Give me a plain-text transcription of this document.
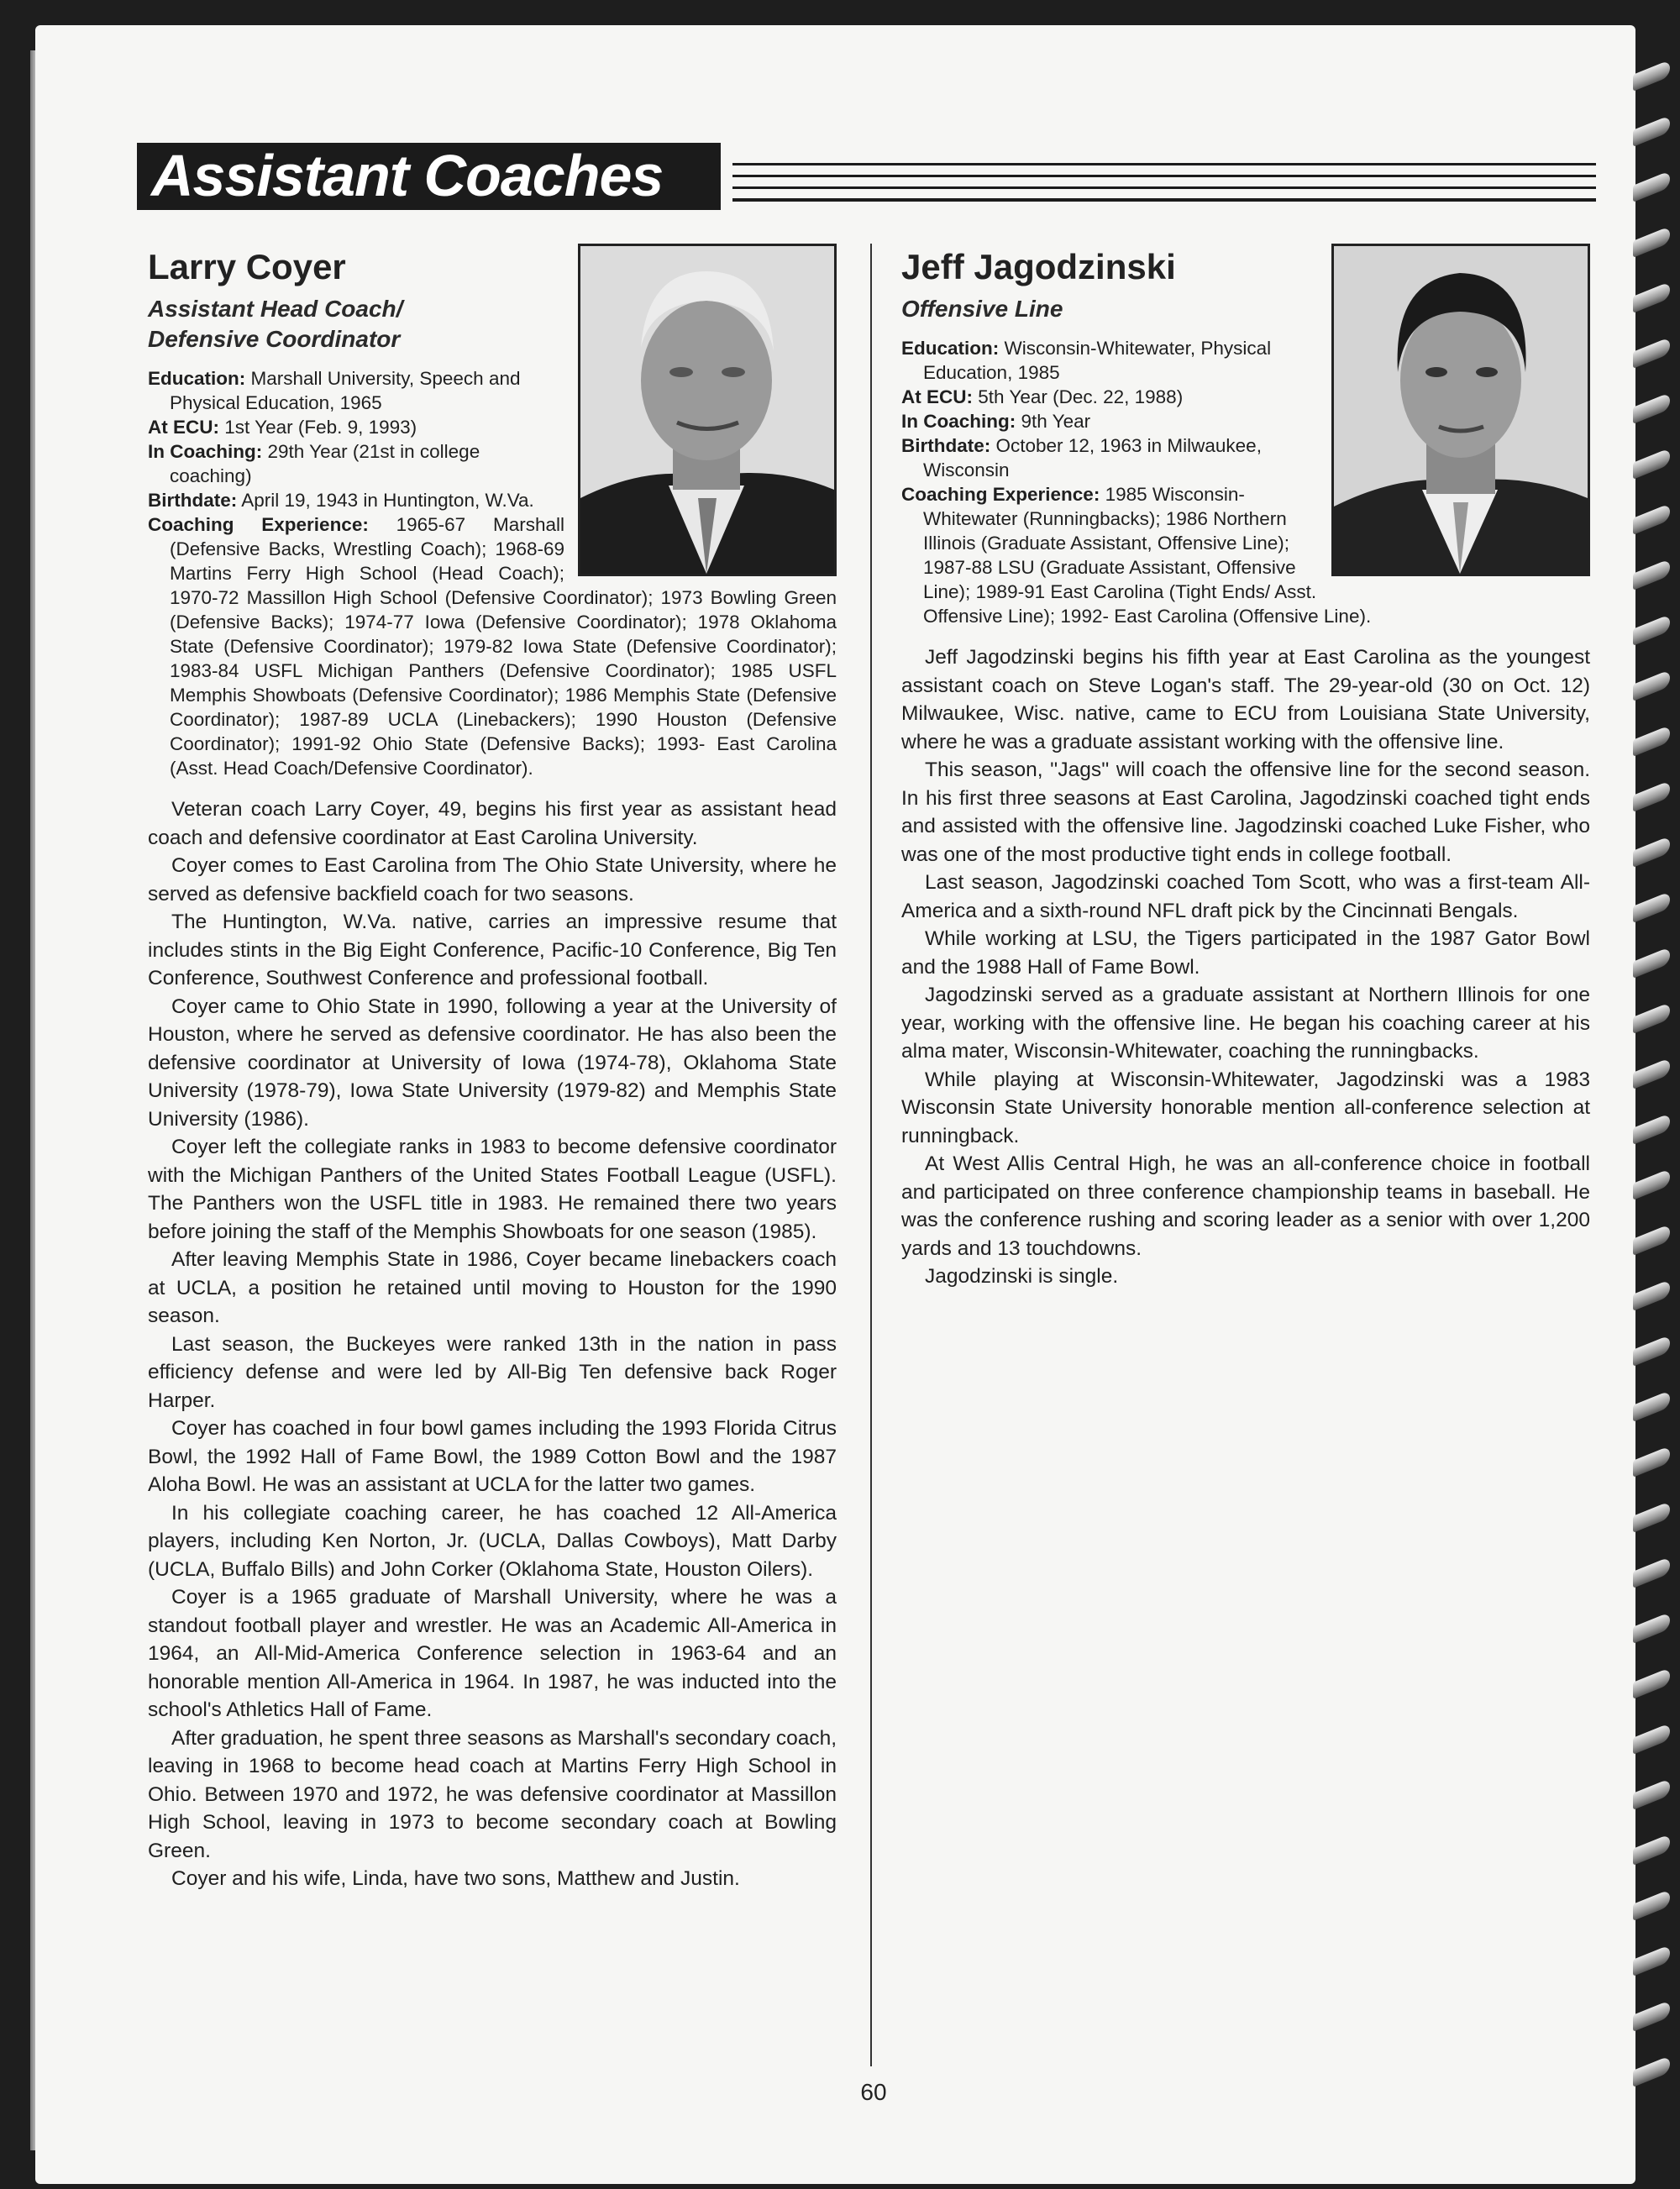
Assistant Coaches
Larry Coyer
Assistant Head Coach/
Defensive Coordinator
Education: Marshall University, Speech and Physical Education, 1965
At ECU: 1st Year (Feb. 9, 1993)
In Coaching: 29th Year (21st in college coaching)
Birthdate: April 19, 1943 in Huntington, W.Va.
Coaching Experience: 1965-67 Marshall (Defensive Backs, Wrestling Coach); 1968-69 Martins Ferry High School (Head Coach); 1970-72 Massillon High School (Defensive Coordinator); 1973 Bowling Green (Defensive Backs); 1974-77 Iowa (Defensive Coordinator); 1978 Oklahoma State (Defensive Coordinator); 1979-82 Iowa State (Defensive Coordinator); 1983-84 USFL Michigan Panthers (Defensive Coordinator); 1985 USFL Memphis Showboats (Defensive Coordinator); 1986 Memphis State (Defensive Coordinator); 1987-89 UCLA (Linebackers); 1990 Houston (Defensive Coordinator); 1991-92 Ohio State (Defensive Backs); 1993- East Carolina (Asst. Head Coach/Defensive Coordinator).

Veteran coach Larry Coyer, 49, begins his first year as assistant head coach and defensive coordinator at East Carolina University.

Coyer comes to East Carolina from The Ohio State University, where he served as defensive backfield coach for two seasons.

The Huntington, W.Va. native, carries an impressive resume that includes stints in the Big Eight Conference, Pacific-10 Conference, Big Ten Conference, Southwest Conference and professional football.

Coyer came to Ohio State in 1990, following a year at the University of Houston, where he served as defensive coordinator. He has also been the defensive coordinator at University of Iowa (1974-78), Oklahoma State University (1978-79), Iowa State University (1979-82) and Memphis State University (1986).

Coyer left the collegiate ranks in 1983 to become defensive coordinator with the Michigan Panthers of the United States Football League (USFL). The Panthers won the USFL title in 1983. He remained there two years before joining the staff of the Memphis Showboats for one season (1985).

After leaving Memphis State in 1986, Coyer became linebackers coach at UCLA, a position he retained until moving to Houston for the 1990 season.

Last season, the Buckeyes were ranked 13th in the nation in pass efficiency defense and were led by All-Big Ten defensive back Roger Harper.

Coyer has coached in four bowl games including the 1993 Florida Citrus Bowl, the 1992 Hall of Fame Bowl, the 1989 Cotton Bowl and the 1987 Aloha Bowl. He was an assistant at UCLA for the latter two games.

In his collegiate coaching career, he has coached 12 All-America players, including Ken Norton, Jr. (UCLA, Dallas Cowboys), Matt Darby (UCLA, Buffalo Bills) and John Corker (Oklahoma State, Houston Oilers).

Coyer is a 1965 graduate of Marshall University, where he was a standout football player and wrestler. He was an Academic All-America in 1964, an All-Mid-America Conference selection in 1963-64 and an honorable mention All-America in 1964. In 1987, he was inducted into the school's Athletics Hall of Fame.

After graduation, he spent three seasons as Marshall's secondary coach, leaving in 1968 to become head coach at Martins Ferry High School in Ohio. Between 1970 and 1972, he was defensive coordinator at Massillon High School, leaving in 1973 to become secondary coach at Bowling Green.

Coyer and his wife, Linda, have two sons, Matthew and Justin.

Jeff Jagodzinski
Offensive Line
Education: Wisconsin-Whitewater, Physical Education, 1985
At ECU: 5th Year (Dec. 22, 1988)
In Coaching: 9th Year
Birthdate: October 12, 1963 in Milwaukee, Wisconsin
Coaching Experience: 1985 Wisconsin-Whitewater (Runningbacks); 1986 Northern Illinois (Graduate Assistant, Offensive Line); 1987-88 LSU (Graduate Assistant, Offensive Line); 1989-91 East Carolina (Tight Ends/ Asst. Offensive Line); 1992- East Carolina (Offensive Line).

Jeff Jagodzinski begins his fifth year at East Carolina as the youngest assistant coach on Steve Logan's staff. The 29-year-old (30 on Oct. 12) Milwaukee, Wisc. native, came to ECU from Louisiana State University, where he was a graduate assistant working with the offensive line.

This season, ''Jags'' will coach the offensive line for the second season. In his first three seasons at East Carolina, Jagodzinski coached tight ends and assisted with the offensive line. Jagodzinski coached Luke Fisher, who was one of the most productive tight ends in college football.

Last season, Jagodzinski coached Tom Scott, who was a first-team All-America and a sixth-round NFL draft pick by the Cincinnati Bengals.

While working at LSU, the Tigers participated in the 1987 Gator Bowl and the 1988 Hall of Fame Bowl.

Jagodzinski served as a graduate assistant at Northern Illinois for one year, working with the offensive line. He began his coaching career at his alma mater, Wisconsin-Whitewater, coaching the runningbacks.

While playing at Wisconsin-Whitewater, Jagodzinski was a 1983 Wisconsin State University honorable mention all-conference selection at runningback.

At West Allis Central High, he was an all-conference choice in football and participated on three conference championship teams in baseball. He was the conference rushing and scoring leader as a senior with over 1,200 yards and 13 touchdowns.

Jagodzinski is single.

60
